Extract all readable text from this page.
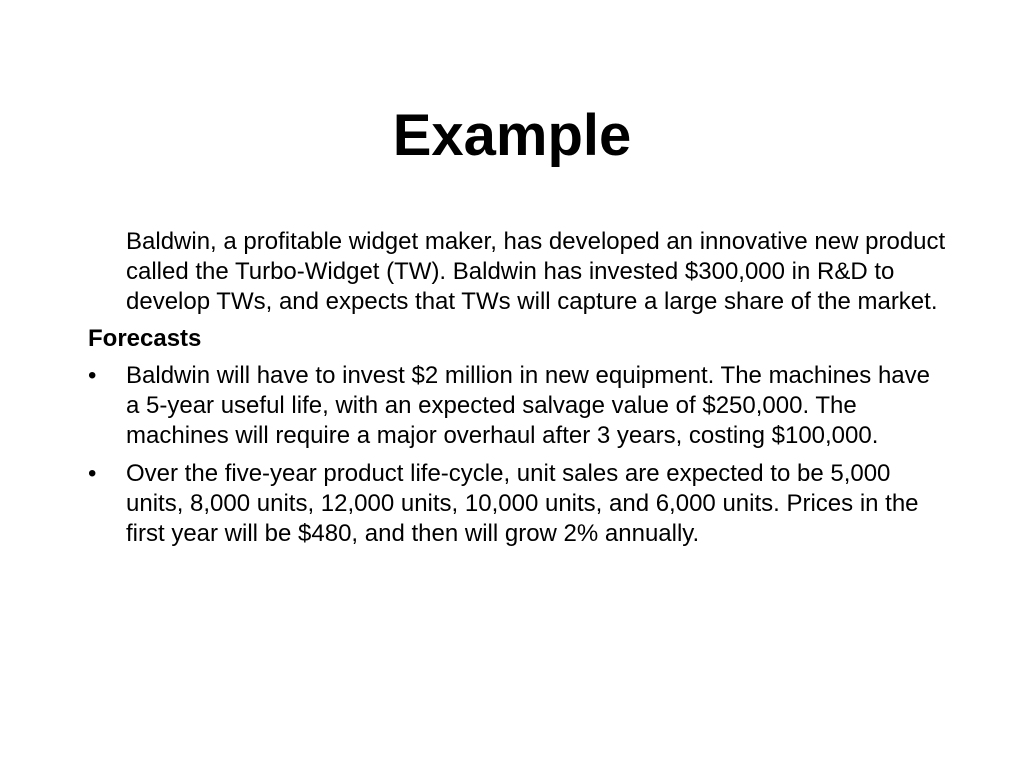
Example

Baldwin, a profitable widget maker, has developed an innovative new product called the Turbo-Widget (TW). Baldwin has invested $300,000 in R&D to develop TWs, and expects that TWs will capture a large share of the market.

Forecasts

•	Baldwin will have to invest $2 million in new equipment. The machines have a 5-year useful life, with an expected salvage value of $250,000. The machines will require a major overhaul after 3 years, costing $100,000.
•	Over the five-year product life-cycle, unit sales are expected to be 5,000 units, 8,000 units, 12,000 units, 10,000 units, and 6,000 units. Prices in the first year will be $480, and then will grow 2% annually.
